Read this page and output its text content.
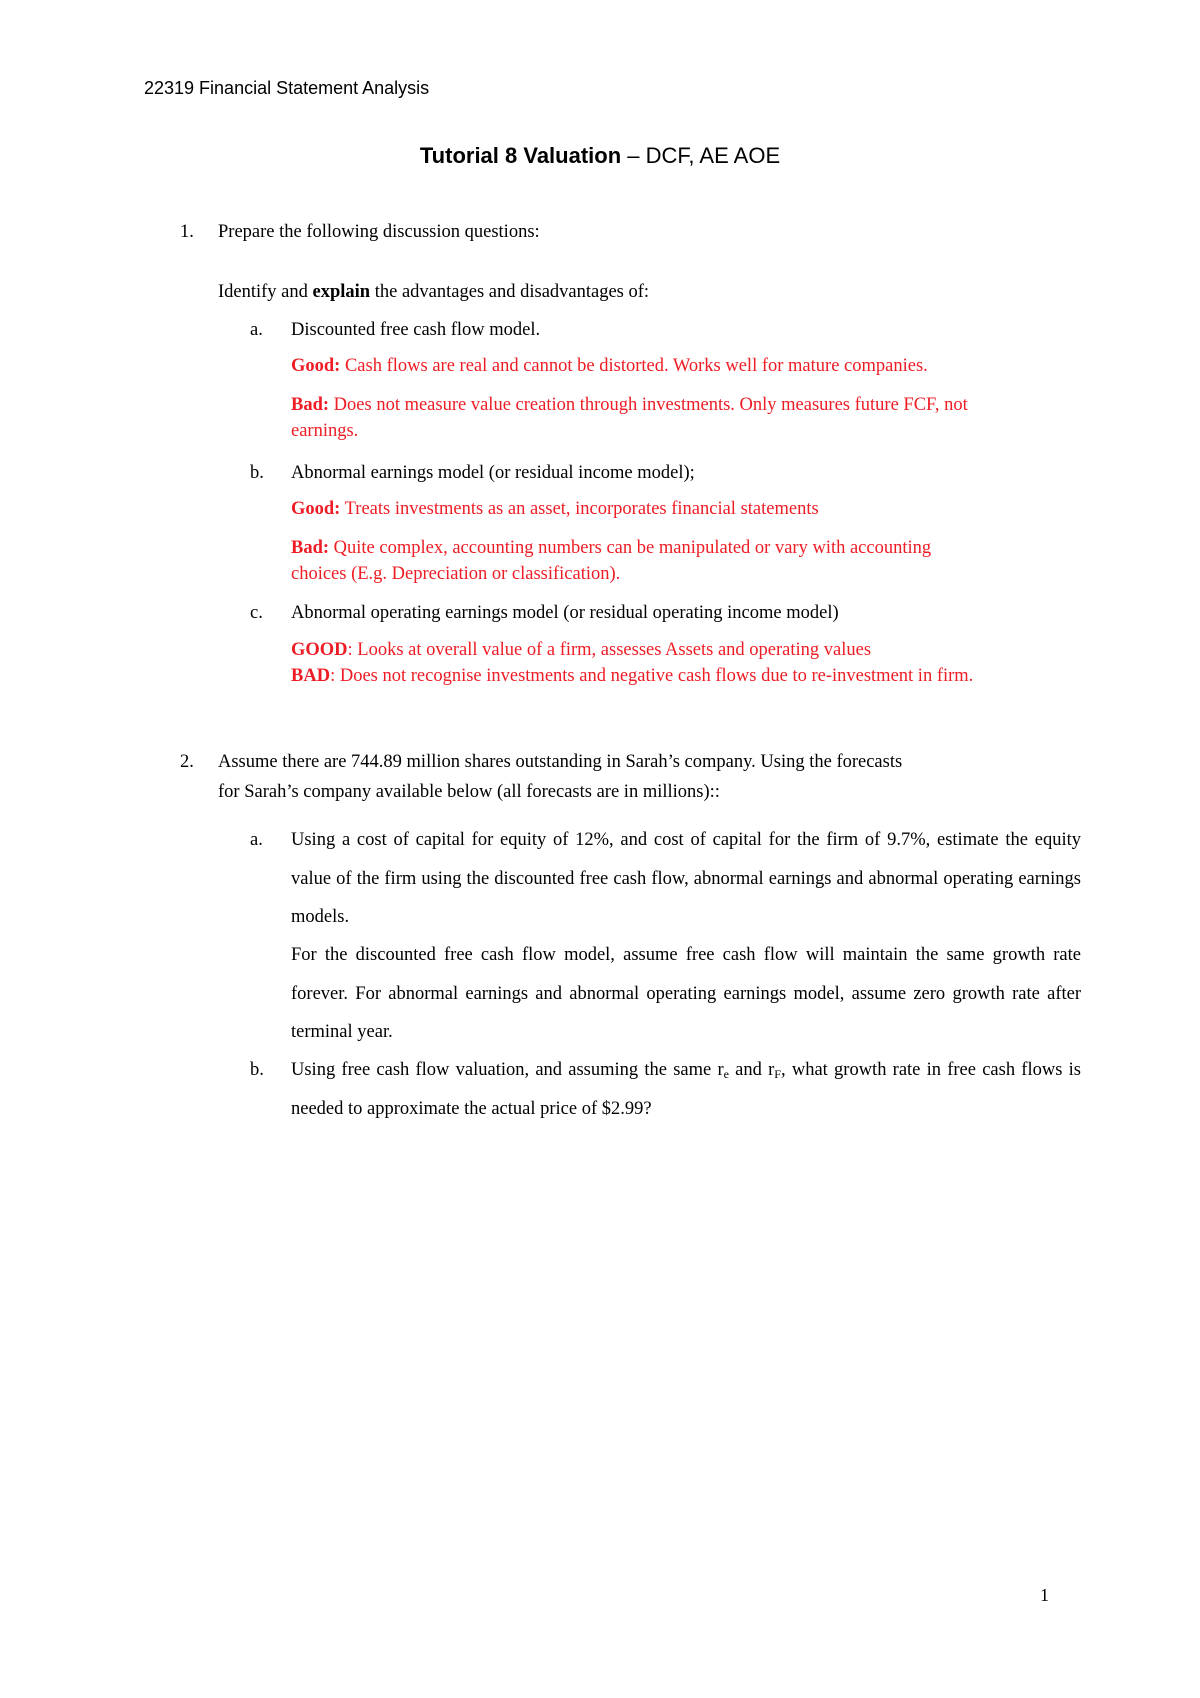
22319 Financial Statement Analysis
Tutorial 8 Valuation – DCF, AE AOE
1. Prepare the following discussion questions:
Identify and explain the advantages and disadvantages of:
a. Discounted free cash flow model.
Good: Cash flows are real and cannot be distorted. Works well for mature companies.
Bad: Does not measure value creation through investments. Only measures future FCF, not
earnings.
b. Abnormal earnings model (or residual income model);
Good: Treats investments as an asset, incorporates financial statements
Bad: Quite complex, accounting numbers can be manipulated or vary with accounting
choices (E.g. Depreciation or classification).
c. Abnormal operating earnings model (or residual operating income model)
GOOD: Looks at overall value of a firm, assesses Assets and operating values
BAD: Does not recognise investments and negative cash flows due to re-investment in firm.
2. Assume there are 744.89 million shares outstanding in Sarah’s company. Using the forecasts
for Sarah’s company available below (all forecasts are in millions)::
a. Using a cost of capital for equity of 12%, and cost of capital for the firm of 9.7%, estimate the equity value of the firm using the discounted free cash flow, abnormal earnings and abnormal operating earnings models.
For the discounted free cash flow model, assume free cash flow will maintain the same growth rate forever. For abnormal earnings and abnormal operating earnings model, assume zero growth rate after terminal year.
b. Using free cash flow valuation, and assuming the same $r_e$ and $r_F$, what growth rate in free cash flows is needed to approximate the actual price of $2.99?
1
